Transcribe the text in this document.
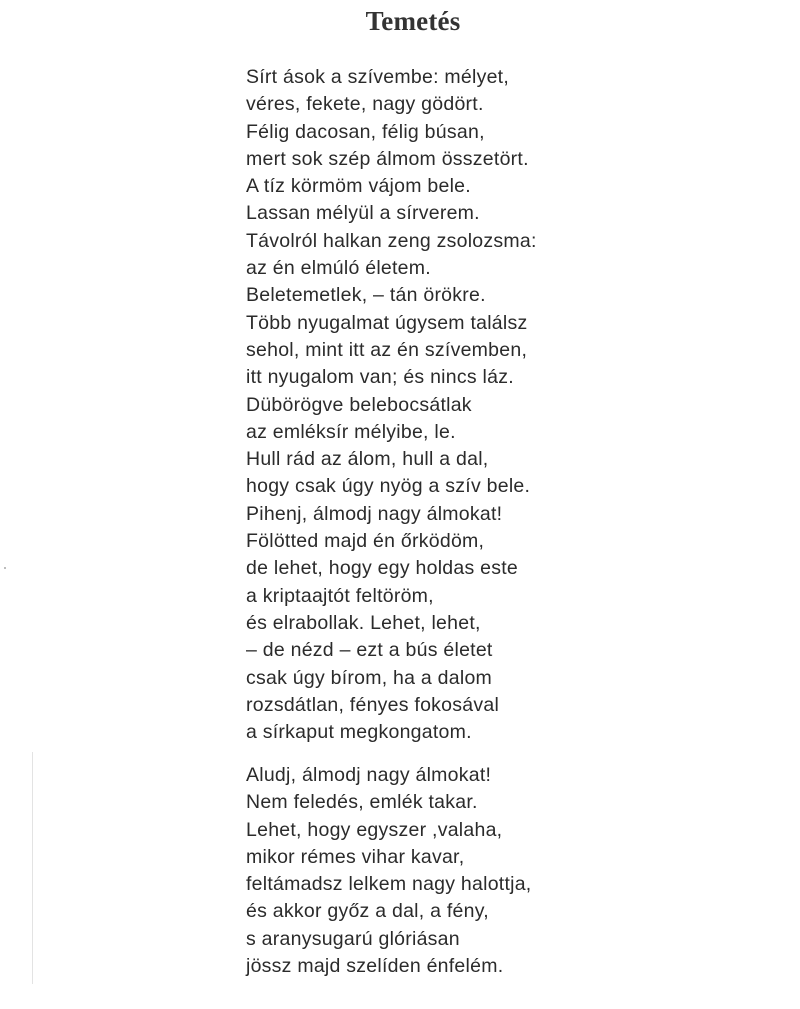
Temetés
Sírt ások a szívembe: mélyet,
véres, fekete, nagy gödört.
Félig dacosan, félig búsan,
mert sok szép álmom összetört.
A tíz körmöm vájom bele.
Lassan mélyül a sírverem.
Távolról halkan zeng zsolozsma:
az én elmúló életem.
Beletemetlek, – tán örökre.
Több nyugalmat úgysem találsz
sehol, mint itt az én szívemben,
itt nyugalom van; és nincs láz.
Dübörögve belebocsátlak
az emléksír mélyibe, le.
Hull rád az álom, hull a dal,
hogy csak úgy nyög a szív bele.
Pihenj, álmodj nagy álmokat!
Fölötted majd én őrködöm,
de lehet, hogy egy holdas este
a kriptaajtót feltöröm,
és elrabollak. Lehet, lehet,
– de nézd – ezt a bús életet
csak úgy bírom, ha a dalom
rozsdátlan, fényes fokosával
a sírkaput megkongatom.
Aludj, álmodj nagy álmokat!
Nem feledés, emlék takar.
Lehet, hogy egyszer ,valaha,
mikor rémes vihar kavar,
feltámadsz lelkem nagy halottja,
és akkor győz a dal, a fény,
s aranysugarú glóriásan
jössz majd szelíden énfelém.
